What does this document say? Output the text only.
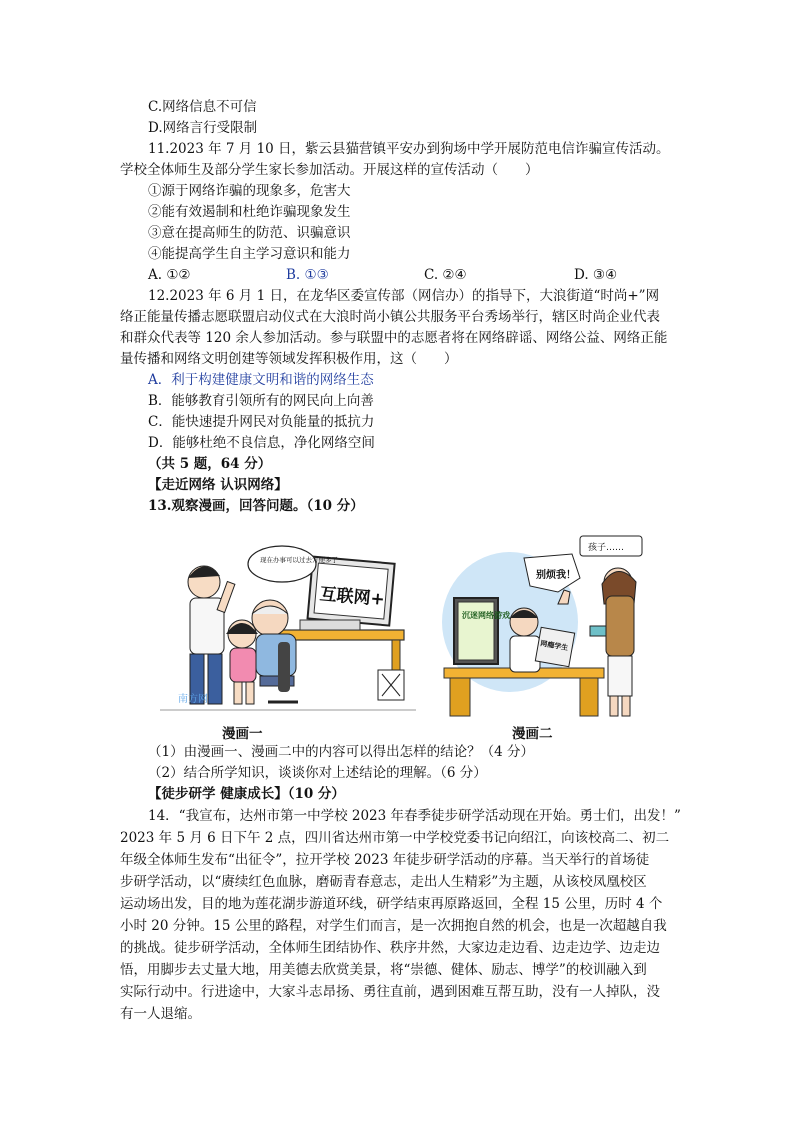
C.网络信息不可信
D.网络言行受限制
11.2023 年 7 月 10 日，紫云县猫营镇平安办到狗场中学开展防范电信诈骗宣传活动。
学校全体师生及部分学生家长参加活动。开展这样的宣传活动（　　）
①源于网络诈骗的现象多，危害大
②能有效遏制和杜绝诈骗现象发生
③意在提高师生的防范、识骗意识
④能提高学生自主学习意识和能力
A. ①②	B. ①③	C. ②④	D. ③④
12.2023 年 6 月 1 日，在龙华区委宣传部（网信办）的指导下，大浪街道“时尚+”网
络正能量传播志愿联盟启动仪式在大浪时尚小镇公共服务平台秀场举行，辖区时尚企业代表
和群众代表等 120 余人参加活动。参与联盟中的志愿者将在网络辟谣、网络公益、网络正能
量传播和网络文明创建等领域发挥积极作用，这（　　）
A．利于构建健康文明和谐的网络生态
B．能够教育引领所有的网民向上向善
C．能快速提升网民对负能量的抵抗力
D．能够杜绝不良信息，净化网络空间
（共 5 题，64 分）
【走近网络 认识网络】
13.观察漫画，回答问题。（10 分）
互联网+
现在办事可以过去方便多了
南方网
漫画一
孩子……
别烦我！
沉迷网络游戏
网瘾学生
漫画二
（1）由漫画一、漫画二中的内容可以得出怎样的结论？（4 分）
（2）结合所学知识，谈谈你对上述结论的理解。（6 分）
【徒步研学 健康成长】（10 分）
14．“我宣布，达州市第一中学校 2023 年春季徒步研学活动现在开始。勇士们，出发！”
2023 年 5 月 6 日下午 2 点，四川省达州市第一中学校党委书记向绍江，向该校高二、初二
年级全体师生发布“出征令”，拉开学校 2023 年徒步研学活动的序幕。当天举行的首场徒
步研学活动，以“赓续红色血脉，磨砺青春意志，走出人生精彩”为主题，从该校凤凰校区
运动场出发，目的地为莲花湖步游道环线，研学结束再原路返回，全程 15 公里，历时 4 个
小时 20 分钟。15 公里的路程，对学生们而言，是一次拥抱自然的机会，也是一次超越自我
的挑战。徒步研学活动，全体师生团结协作、秩序井然，大家边走边看、边走边学、边走边
悟，用脚步去丈量大地，用美德去欣赏美景，将“崇德、健体、励志、博学”的校训融入到
实际行动中。行进途中，大家斗志昂扬、勇往直前，遇到困难互帮互助，没有一人掉队，没
有一人退缩。
